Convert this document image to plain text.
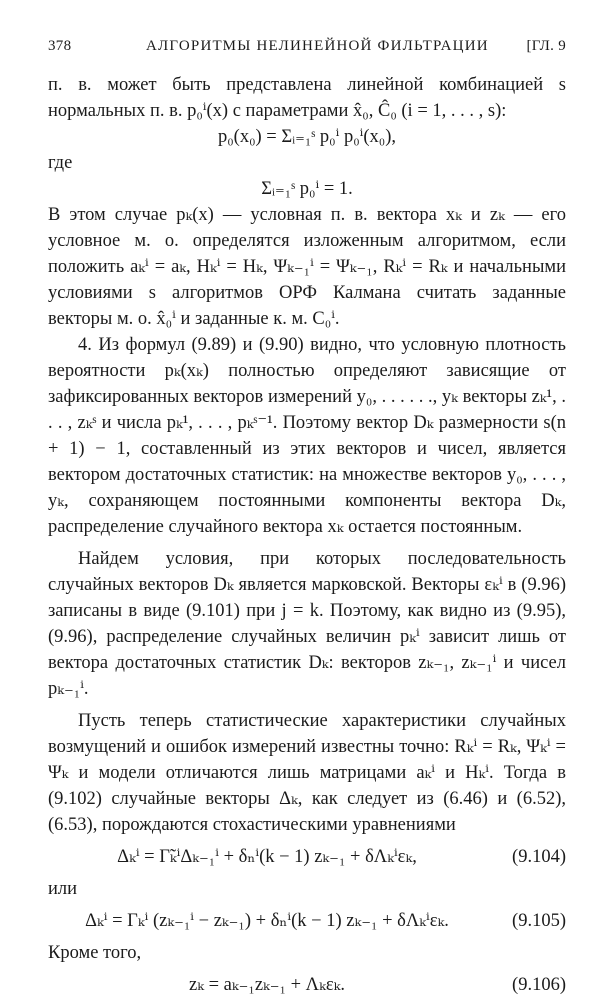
378	АЛГОРИТМЫ НЕЛИНЕЙНОЙ ФИЛЬТРАЦИИ	[ГЛ. 9

п. в. может быть представлена линейной комбинацией s нормальных п. в. p₀ⁱ(x) с параметрами x̂₀, Ĉ₀ (i = 1, . . . , s):

p₀(x₀) = Σᵢ₌₁ˢ p₀ⁱ p₀ⁱ(x₀),

где

Σᵢ₌₁ˢ p₀ⁱ = 1.

В этом случае pₖ(x) — условная п. в. вектора xₖ и zₖ — его условное м. о. определятся изложенным алгоритмом, если положить aₖⁱ = aₖ, Hₖⁱ = Hₖ, Ψₖ₋₁ⁱ = Ψₖ₋₁, Rₖⁱ = Rₖ и начальными условиями s алгоритмов ОРФ Калмана считать заданные векторы м. о. x̂₀ⁱ и заданные к. м. C₀ⁱ.

4. Из формул (9.89) и (9.90) видно, что условную плотность вероятности pₖ(xₖ) полностью определяют зависящие от зафиксированных векторов измерений y₀, . . . . . ., yₖ векторы zₖ¹, . . . , zₖˢ и числа pₖ¹, . . . , pₖˢ⁻¹. Поэтому вектор Dₖ размерности s(n + 1) − 1, составленный из этих векторов и чисел, является вектором достаточных статистик: на множестве векторов y₀, . . . , yₖ, сохраняющем постоянными компоненты вектора Dₖ, распределение случайного вектора xₖ остается постоянным.

Найдем условия, при которых последовательность случайных векторов Dₖ является марковской. Векторы εₖⁱ в (9.96) записаны в виде (9.101) при j = k. Поэтому, как видно из (9.95), (9.96), распределение случайных величин pₖⁱ зависит лишь от вектора достаточных статистик Dₖ: векторов zₖ₋₁, zₖ₋₁ⁱ и чисел pₖ₋₁ⁱ.

Пусть теперь статистические характеристики случайных возмущений и ошибок измерений известны точно: Rₖⁱ = Rₖ, Ψₖⁱ = Ψₖ и модели отличаются лишь матрицами aₖⁱ и Hₖⁱ. Тогда в (9.102) случайные векторы Δₖ, как следует из (6.46) и (6.52), (6.53), порождаются стохастическими уравнениями

Δₖⁱ = Γ̃ₖⁱΔₖ₋₁ⁱ + δₙⁱ(k − 1) zₖ₋₁ + δΛₖⁱεₖ,	(9.104)

или

Δₖⁱ = Γₖⁱ (zₖ₋₁ⁱ − zₖ₋₁) + δₙⁱ(k − 1) zₖ₋₁ + δΛₖⁱεₖ.	(9.105)

Кроме того,

zₖ = aₖ₋₁zₖ₋₁ + Λₖεₖ.	(9.106)
